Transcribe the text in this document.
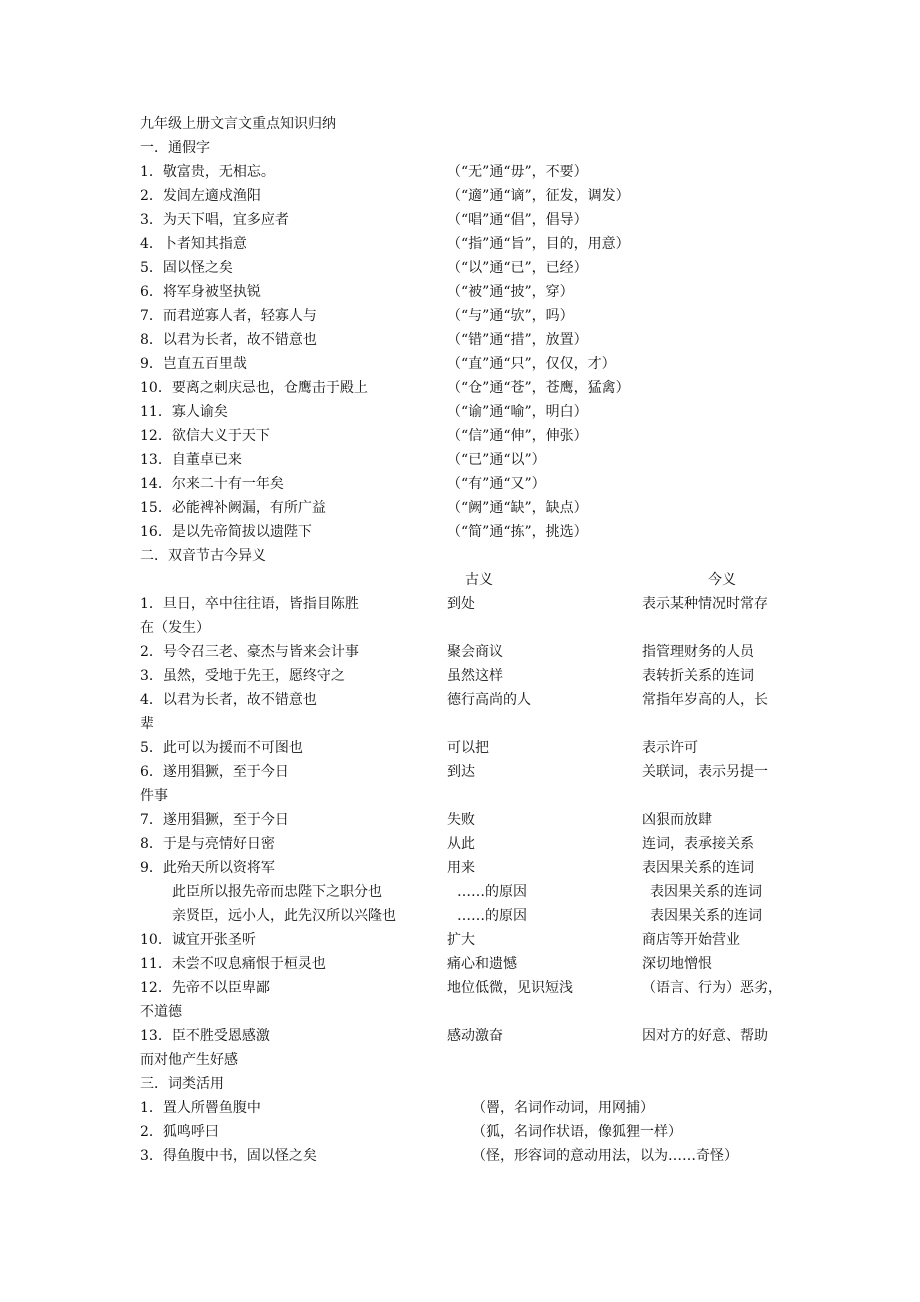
九年级上册文言文重点知识归纳
一．通假字
1．敬富贵，无相忘。	（“无”通“毋”，不要）
2．发闾左適戍渔阳	（“適”通“谪”，征发，调发）
3．为天下唱，宜多应者	（“唱”通“倡”，倡导）
4．卜者知其指意	（“指”通“旨”，目的，用意）
5．固以怪之矣	（“以”通“已”，已经）
6．将军身被坚执锐	（“被”通“披”，穿）
7．而君逆寡人者，轻寡人与	（“与”通“欤”，吗）
8．以君为长者，故不错意也	（“错”通“措”，放置）
9．岂直五百里哉	（“直”通“只”，仅仅，才）
10．要离之刺庆忌也，仓鹰击于殿上	（“仓”通“苍”，苍鹰，猛禽）
11．寡人谕矣	（“谕”通“喻”，明白）
12．欲信大义于天下	（“信”通“伸”，伸张）
13．自董卓已来	（“已”通“以”）
14．尔来二十有一年矣	（“有”通“又”）
15．必能裨补阙漏，有所广益	（“阙”通“缺”，缺点）
16．是以先帝简拔以遗陛下	（“简”通“拣”，挑选）
二．双音节古今异义
古义	今义
1．旦日，卒中往往语，皆指目陈胜	到处	表示某种情况时常存
在（发生）
2．号令召三老、豪杰与皆来会计事	聚会商议	指管理财务的人员
3．虽然，受地于先王，愿终守之	虽然这样	表转折关系的连词
4．以君为长者，故不错意也	德行高尚的人	常指年岁高的人，长
辈
5．此可以为援而不可图也	可以把	表示许可
6．遂用猖獗，至于今日	到达	关联词，表示另提一
件事
7．遂用猖獗，至于今日	失败	凶狠而放肆
8．于是与亮情好日密	从此	连词，表承接关系
9．此殆天所以资将军	用来	表因果关系的连词
此臣所以报先帝而忠陛下之职分也	……的原因	表因果关系的连词
亲贤臣，远小人，此先汉所以兴隆也	……的原因	表因果关系的连词
10．诚宜开张圣听	扩大	商店等开始营业
11．未尝不叹息痛恨于桓灵也	痛心和遗憾	深切地憎恨
12．先帝不以臣卑鄙	地位低微，见识短浅	（语言、行为）恶劣，
不道德
13．臣不胜受恩感激	感动激奋	因对方的好意、帮助
而对他产生好感
三．词类活用
1．置人所罾鱼腹中	（罾，名词作动词，用网捕）
2．狐鸣呼曰	（狐，名词作状语，像狐狸一样）
3．得鱼腹中书，固以怪之矣	（怪，形容词的意动用法，以为……奇怪）
